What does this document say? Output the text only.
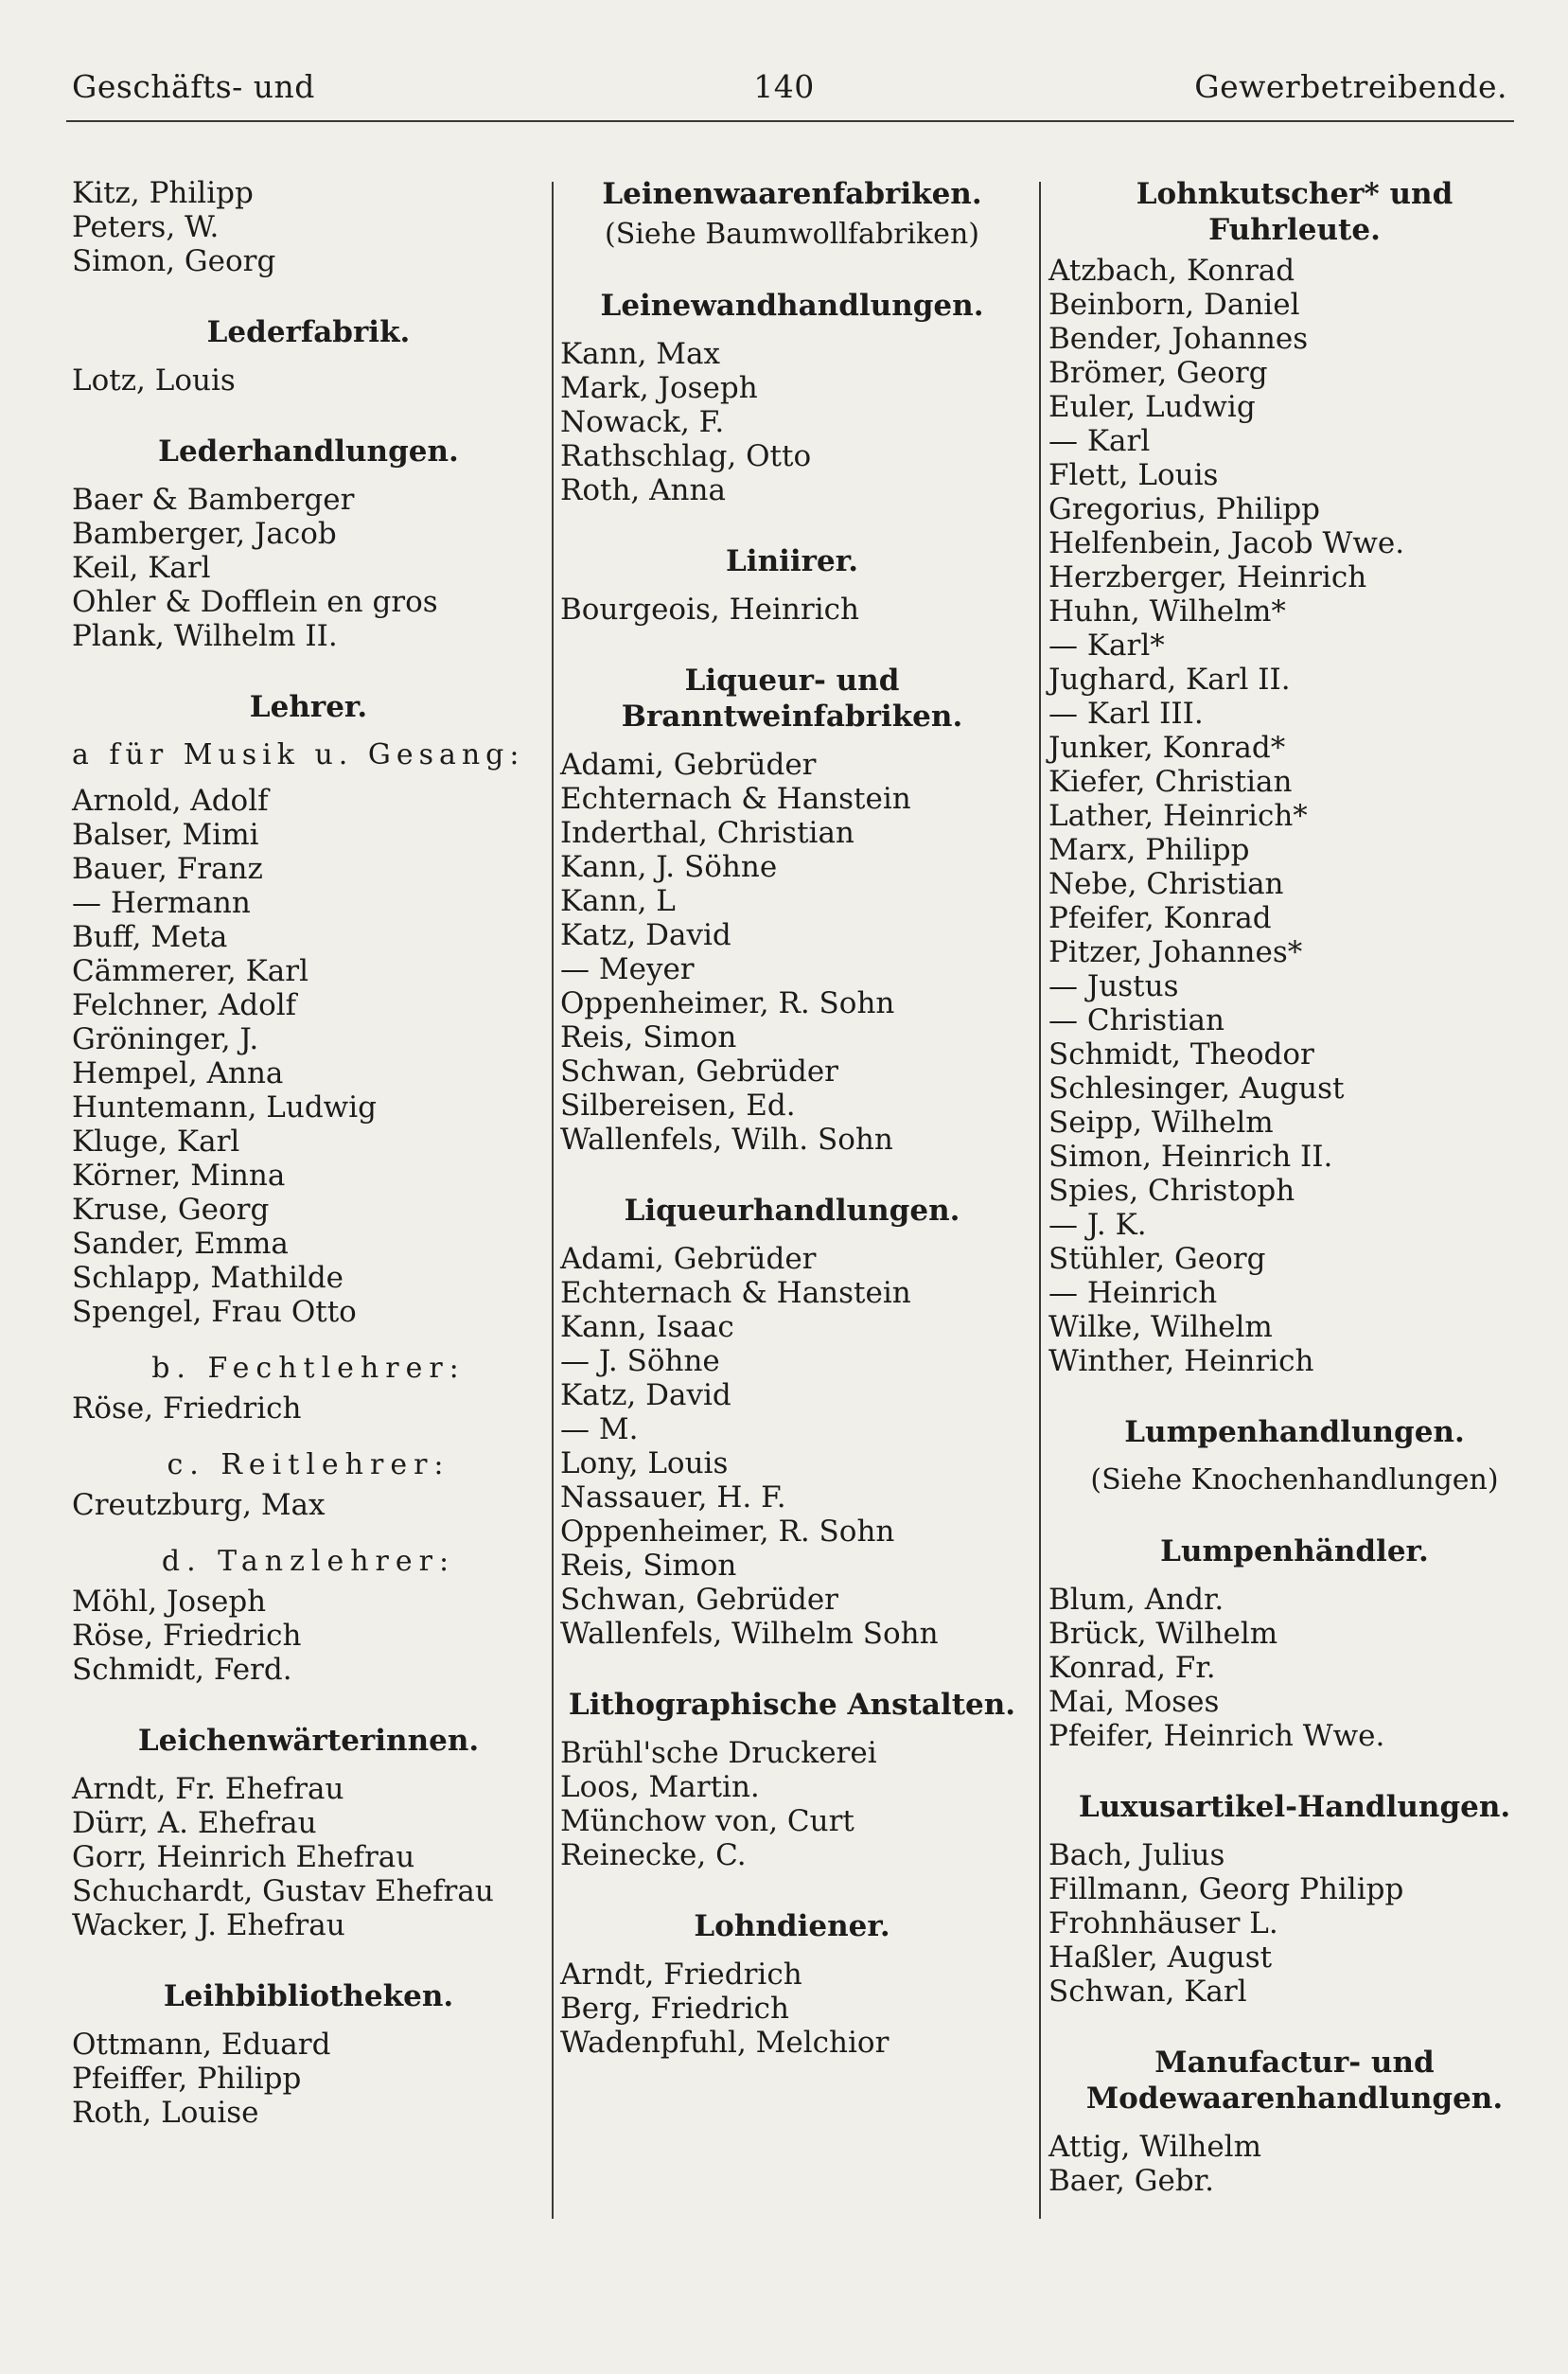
Geschäfts- und	140	Gewerbetreibende.
Kitz, Philipp
Peters, W.
Simon, Georg
Lederfabrik.
Lotz, Louis
Lederhandlungen.
Baer & Bamberger
Bamberger, Jacob
Keil, Karl
Ohler & Dofflein en gros
Plank, Wilhelm II.
Lehrer.
a für Musik u. Gesang:
Arnold, Adolf
Balser, Mimi
Bauer, Franz
— Hermann
Buff, Meta
Cämmerer, Karl
Felchner, Adolf
Gröninger, J.
Hempel, Anna
Huntemann, Ludwig
Kluge, Karl
Körner, Minna
Kruse, Georg
Sander, Emma
Schlapp, Mathilde
Spengel, Frau Otto
b. Fechtlehrer:
Röse, Friedrich
c. Reitlehrer:
Creutzburg, Max
d. Tanzlehrer:
Möhl, Joseph
Röse, Friedrich
Schmidt, Ferd.
Leichenwärterinnen.
Arndt, Fr. Ehefrau
Dürr, A. Ehefrau
Gorr, Heinrich Ehefrau
Schuchardt, Gustav Ehefrau
Wacker, J. Ehefrau
Leihbibliotheken.
Ottmann, Eduard
Pfeiffer, Philipp
Roth, Louise
Leinenwaarenfabriken.
(Siehe Baumwollfabriken)
Leinewandhandlungen.
Kann, Max
Mark, Joseph
Nowack, F.
Rathschlag, Otto
Roth, Anna
Liniirer.
Bourgeois, Heinrich
Liqueur- und Branntweinfabriken.
Adami, Gebrüder
Echternach & Hanstein
Inderthal, Christian
Kann, J. Söhne
Kann, L
Katz, David
— Meyer
Oppenheimer, R. Sohn
Reis, Simon
Schwan, Gebrüder
Silbereisen, Ed.
Wallenfels, Wilh. Sohn
Liqueurhandlungen.
Adami, Gebrüder
Echternach & Hanstein
Kann, Isaac
— J. Söhne
Katz, David
— M.
Lony, Louis
Nassauer, H. F.
Oppenheimer, R. Sohn
Reis, Simon
Schwan, Gebrüder
Wallenfels, Wilhelm Sohn
Lithographische Anstalten.
Brühl'sche Druckerei
Loos, Martin.
Münchow von, Curt
Reinecke, C.
Lohndiener.
Arndt, Friedrich
Berg, Friedrich
Wadenpfuhl, Melchior
Lohnkutscher* und Fuhrleute.
Atzbach, Konrad
Beinborn, Daniel
Bender, Johannes
Brömer, Georg
Euler, Ludwig
— Karl
Flett, Louis
Gregorius, Philipp
Helfenbein, Jacob Wwe.
Herzberger, Heinrich
Huhn, Wilhelm*
— Karl*
Jughard, Karl II.
— Karl III.
Junker, Konrad*
Kiefer, Christian
Lather, Heinrich*
Marx, Philipp
Nebe, Christian
Pfeifer, Konrad
Pitzer, Johannes*
— Justus
— Christian
Schmidt, Theodor
Schlesinger, August
Seipp, Wilhelm
Simon, Heinrich II.
Spies, Christoph
— J. K.
Stühler, Georg
— Heinrich
Wilke, Wilhelm
Winther, Heinrich
Lumpenhandlungen.
(Siehe Knochenhandlungen)
Lumpenhändler.
Blum, Andr.
Brück, Wilhelm
Konrad, Fr.
Mai, Moses
Pfeifer, Heinrich Wwe.
Luxusartikel-Handlungen.
Bach, Julius
Fillmann, Georg Philipp
Frohnhäuser L.
Haßler, August
Schwan, Karl
Manufactur- und Modewaarenhandlungen.
Attig, Wilhelm
Baer, Gebr.
